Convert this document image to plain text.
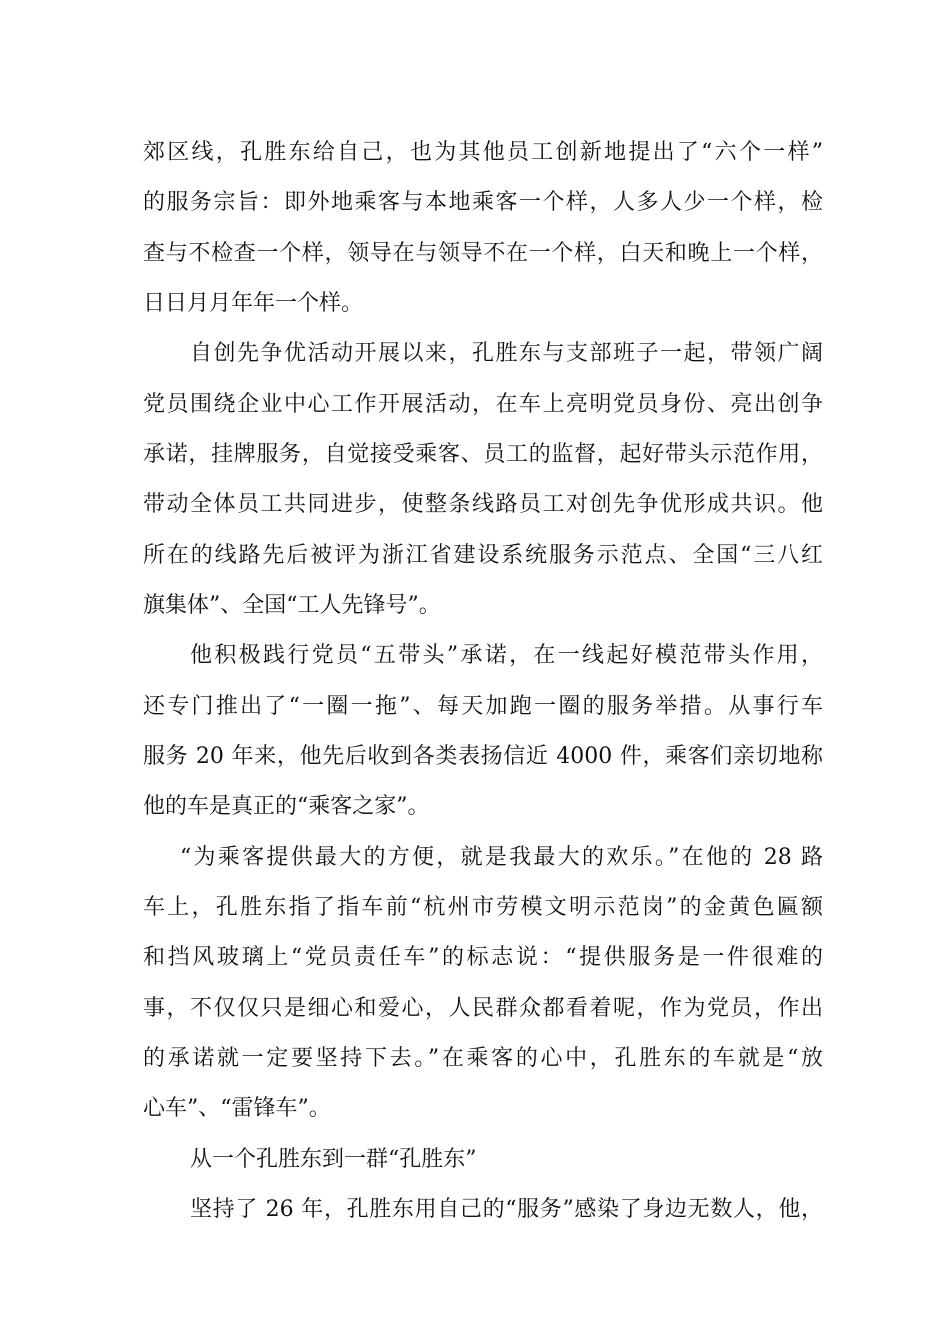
郊区线，孔胜东给自己，也为其他员工创新地提出了“六个一样”
的服务宗旨：即外地乘客与本地乘客一个样，人多人少一个样，检
查与不检查一个样，领导在与领导不在一个样，白天和晚上一个样，
日日月月年年一个样。
自创先争优活动开展以来，孔胜东与支部班子一起，带领广阔
党员围绕企业中心工作开展活动，在车上亮明党员身份、亮出创争
承诺，挂牌服务，自觉接受乘客、员工的监督，起好带头示范作用，
带动全体员工共同进步，使整条线路员工对创先争优形成共识。他
所在的线路先后被评为浙江省建设系统服务示范点、全国“三八红
旗集体”、全国“工人先锋号”。
他积极践行党员“五带头”承诺，在一线起好模范带头作用，
还专门推出了“一圈一拖”、每天加跑一圈的服务举措。从事行车
服务 20 年来，他先后收到各类表扬信近 4000 件，乘客们亲切地称
他的车是真正的“乘客之家”。
“为乘客提供最大的方便，就是我最大的欢乐。”在他的 28 路
车上，孔胜东指了指车前“杭州市劳模文明示范岗”的金黄色匾额
和挡风玻璃上“党员责任车”的标志说：“提供服务是一件很难的
事，不仅仅只是细心和爱心，人民群众都看着呢，作为党员，作出
的承诺就一定要坚持下去。”在乘客的心中，孔胜东的车就是“放
心车”、“雷锋车”。
从一个孔胜东到一群“孔胜东”
坚持了 26 年，孔胜东用自己的“服务”感染了身边无数人，他，
